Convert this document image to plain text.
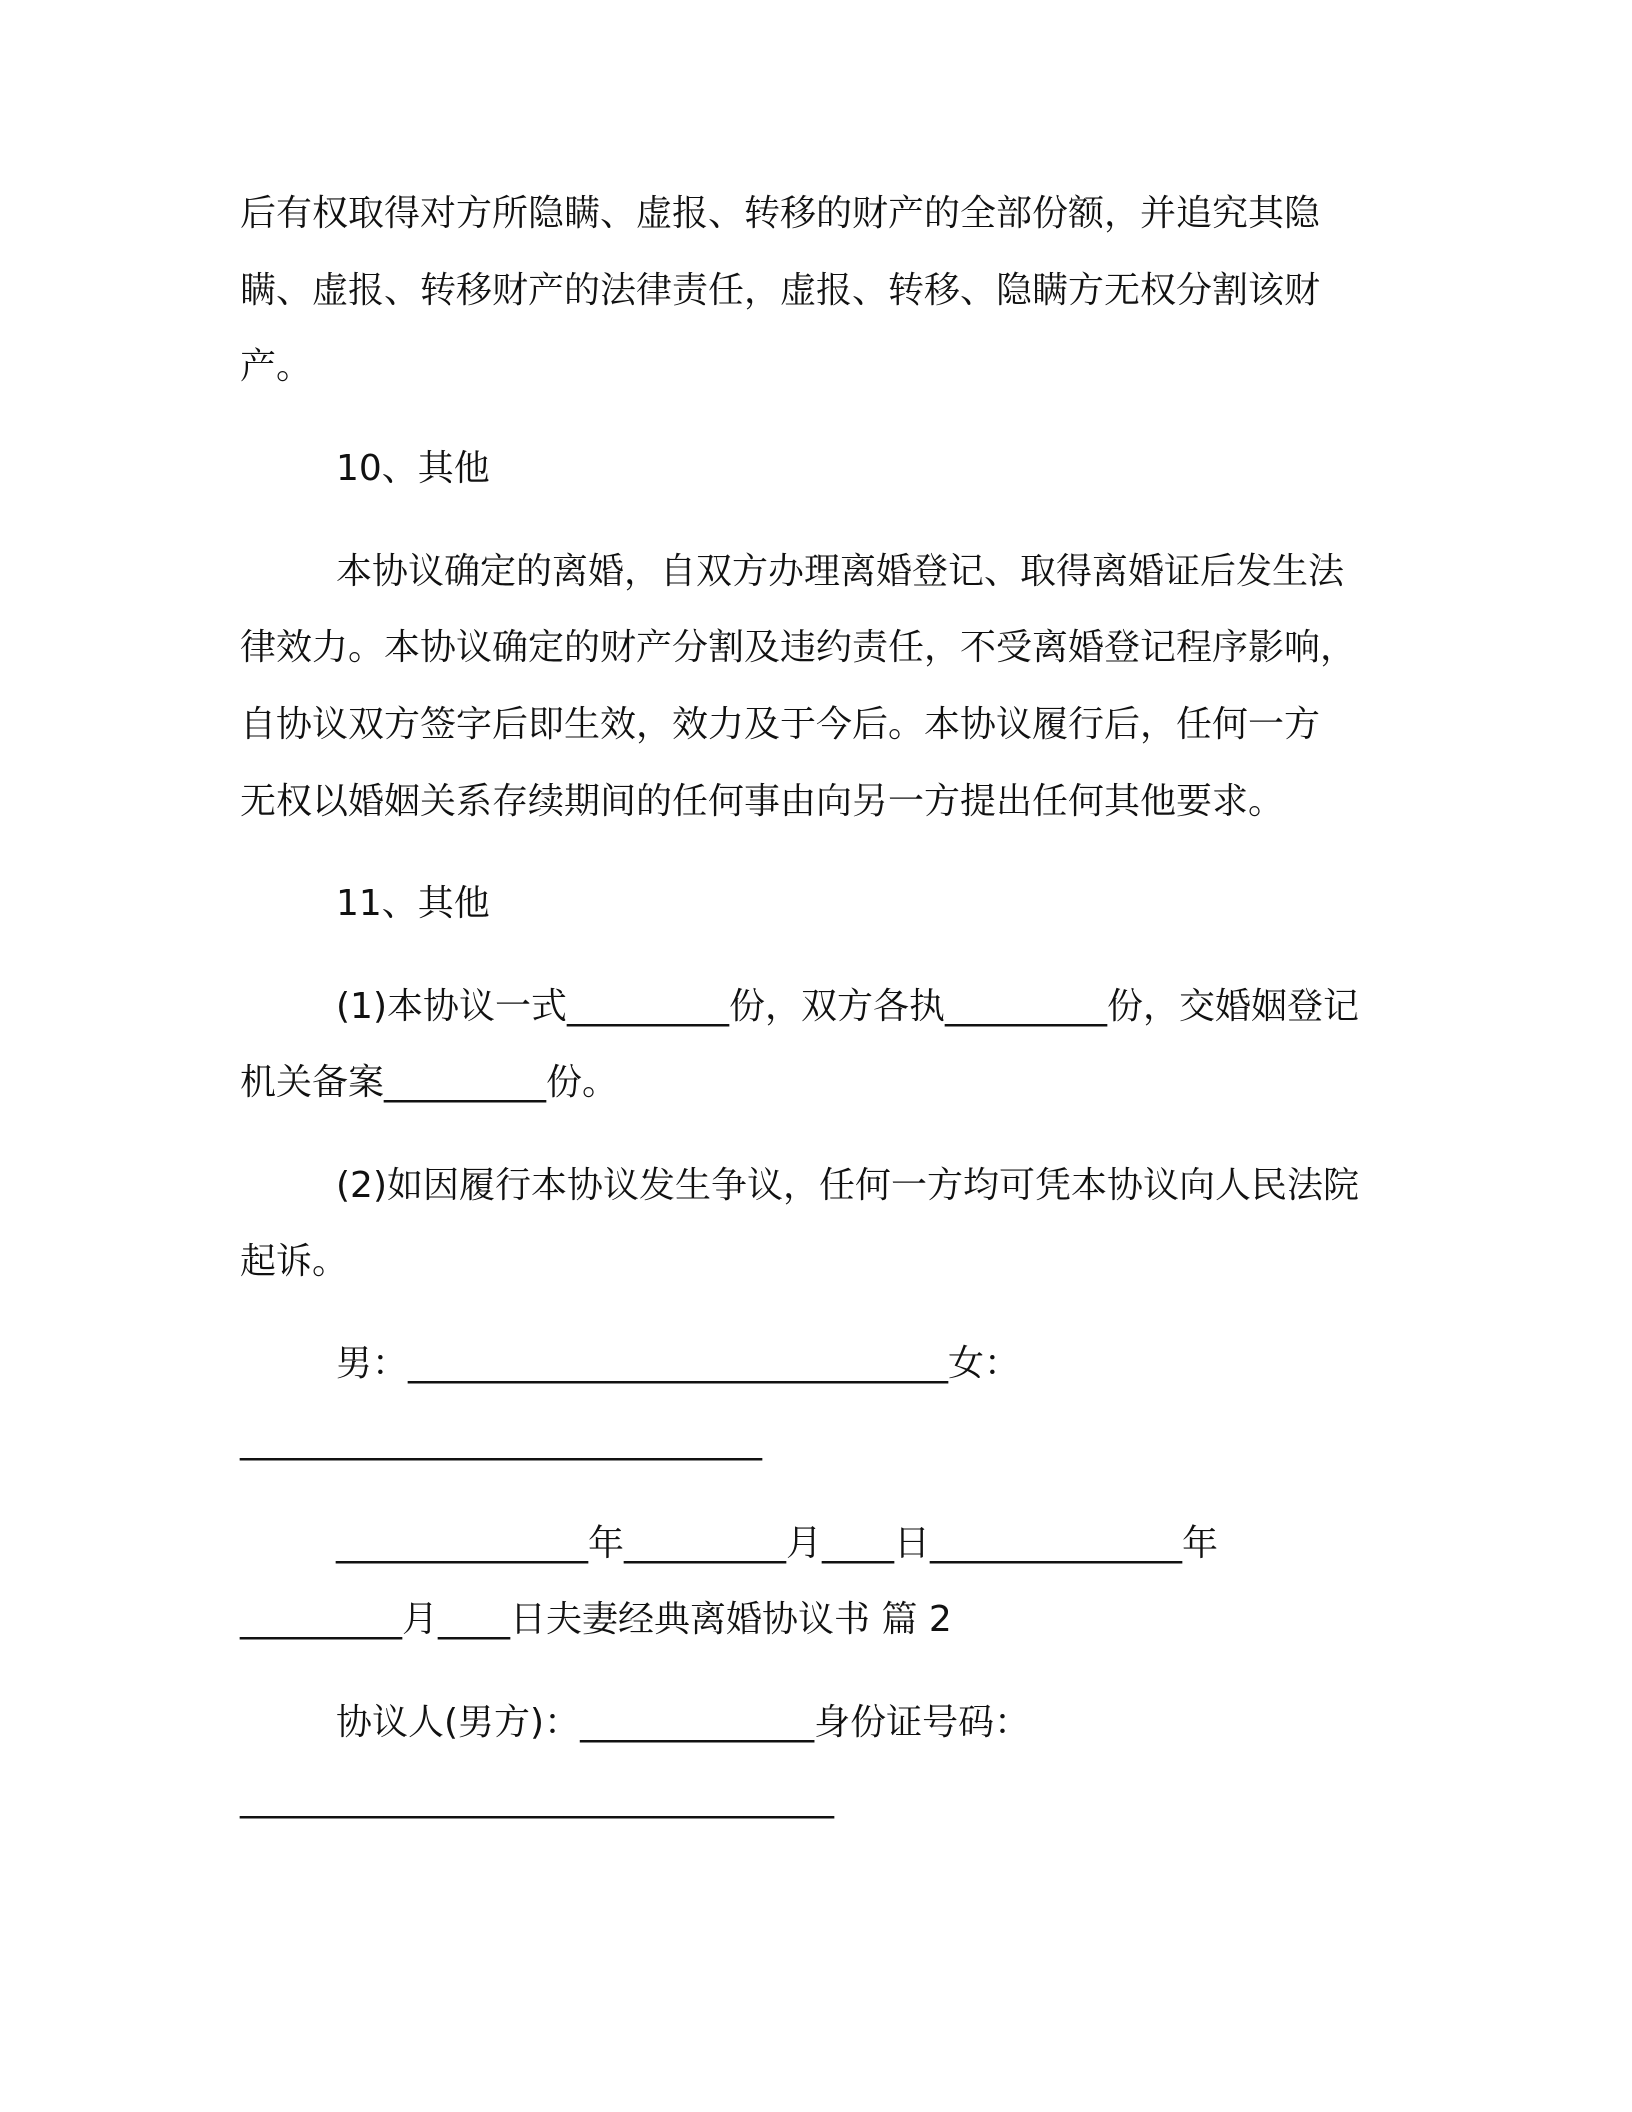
后有权取得对方所隐瞒、虚报、转移的财产的全部份额，并追究其隐
瞒、虚报、转移财产的法律责任，虚报、转移、隐瞒方无权分割该财
产。
10、其他
本协议确定的离婚，自双方办理离婚登记、取得离婚证后发生法
律效力。本协议确定的财产分割及违约责任，不受离婚登记程序影响，
自协议双方签字后即生效，效力及于今后。本协议履行后，任何一方
无权以婚姻关系存续期间的任何事由向另一方提出任何其他要求。
11、其他
(1)本协议一式_________份，双方各执_________份，交婚姻登记
机关备案_________份。
(2)如因履行本协议发生争议，任何一方均可凭本协议向人民法院
起诉。
男：______________________________女：
_____________________________
______________年_________月____日______________年
_________月____日夫妻经典离婚协议书 篇 2
协议人(男方)：_____________身份证号码：
_________________________________
